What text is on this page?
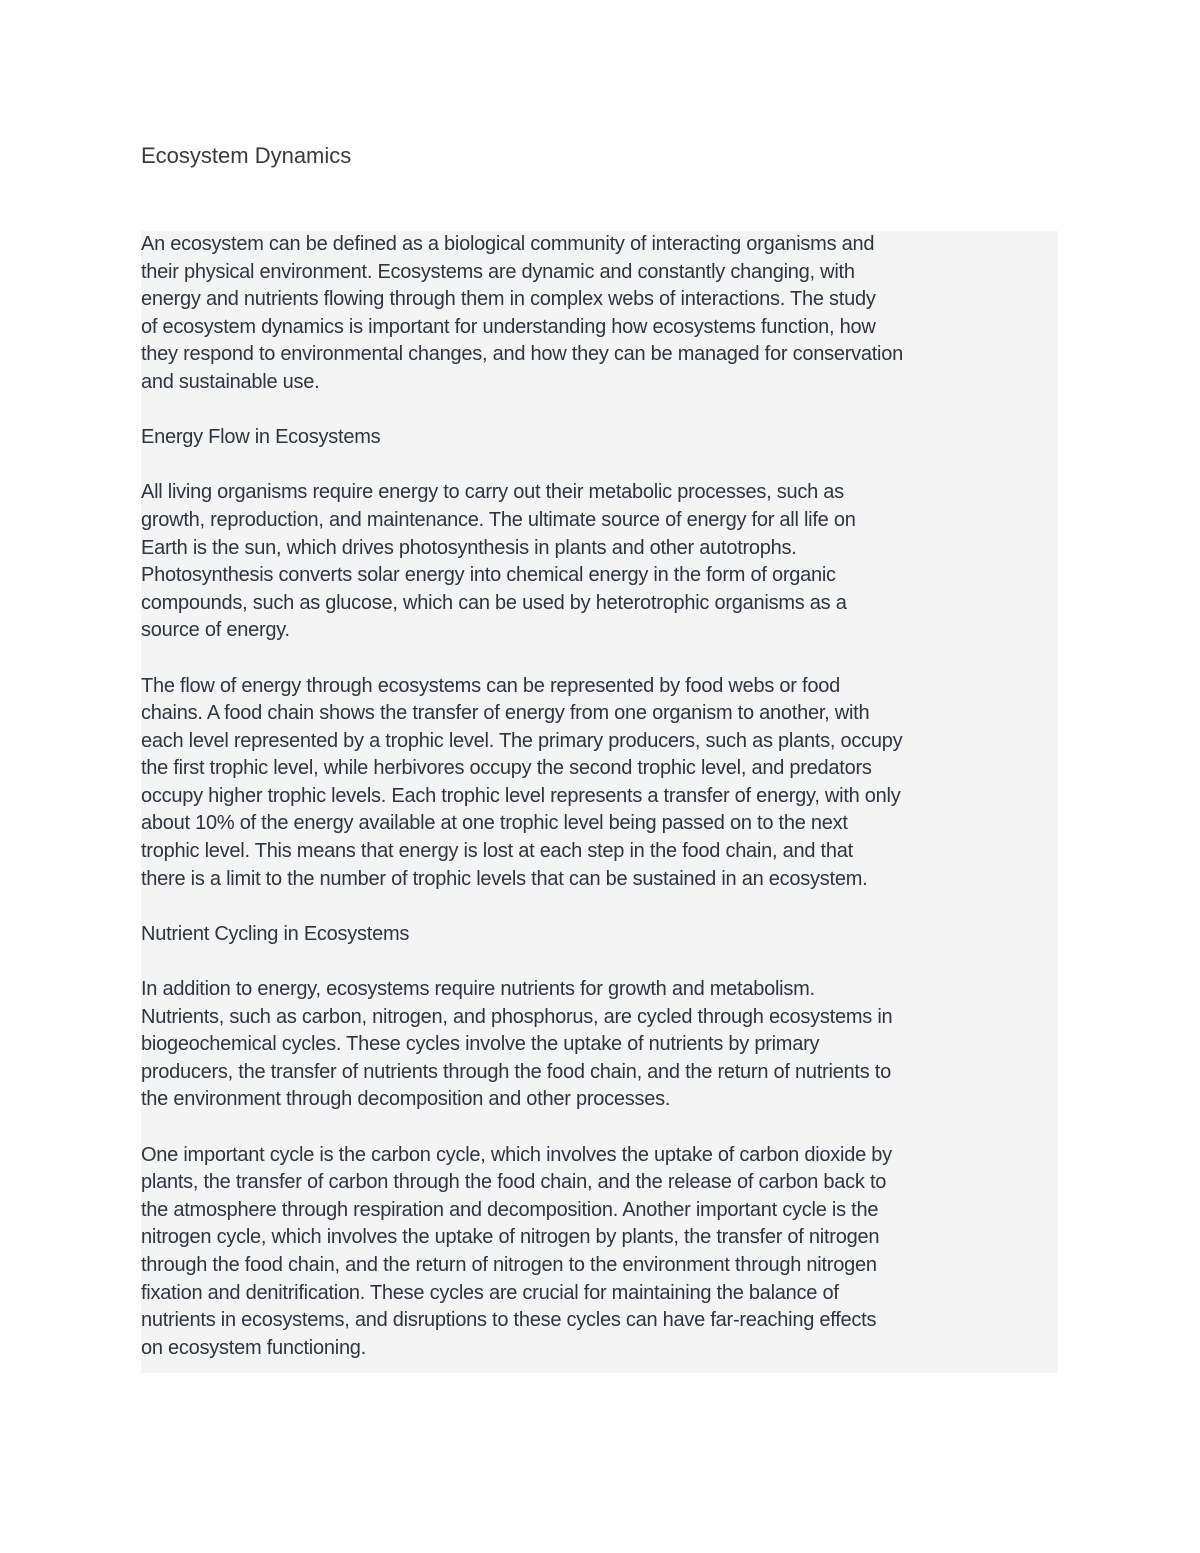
Ecosystem Dynamics

An ecosystem can be defined as a biological community of interacting organisms and
their physical environment. Ecosystems are dynamic and constantly changing, with
energy and nutrients flowing through them in complex webs of interactions. The study
of ecosystem dynamics is important for understanding how ecosystems function, how
they respond to environmental changes, and how they can be managed for conservation
and sustainable use.

Energy Flow in Ecosystems

All living organisms require energy to carry out their metabolic processes, such as
growth, reproduction, and maintenance. The ultimate source of energy for all life on
Earth is the sun, which drives photosynthesis in plants and other autotrophs.
Photosynthesis converts solar energy into chemical energy in the form of organic
compounds, such as glucose, which can be used by heterotrophic organisms as a
source of energy.

The flow of energy through ecosystems can be represented by food webs or food
chains. A food chain shows the transfer of energy from one organism to another, with
each level represented by a trophic level. The primary producers, such as plants, occupy
the first trophic level, while herbivores occupy the second trophic level, and predators
occupy higher trophic levels. Each trophic level represents a transfer of energy, with only
about 10% of the energy available at one trophic level being passed on to the next
trophic level. This means that energy is lost at each step in the food chain, and that
there is a limit to the number of trophic levels that can be sustained in an ecosystem.

Nutrient Cycling in Ecosystems

In addition to energy, ecosystems require nutrients for growth and metabolism.
Nutrients, such as carbon, nitrogen, and phosphorus, are cycled through ecosystems in
biogeochemical cycles. These cycles involve the uptake of nutrients by primary
producers, the transfer of nutrients through the food chain, and the return of nutrients to
the environment through decomposition and other processes.

One important cycle is the carbon cycle, which involves the uptake of carbon dioxide by
plants, the transfer of carbon through the food chain, and the release of carbon back to
the atmosphere through respiration and decomposition. Another important cycle is the
nitrogen cycle, which involves the uptake of nitrogen by plants, the transfer of nitrogen
through the food chain, and the return of nitrogen to the environment through nitrogen
fixation and denitrification. These cycles are crucial for maintaining the balance of
nutrients in ecosystems, and disruptions to these cycles can have far-reaching effects
on ecosystem functioning.
